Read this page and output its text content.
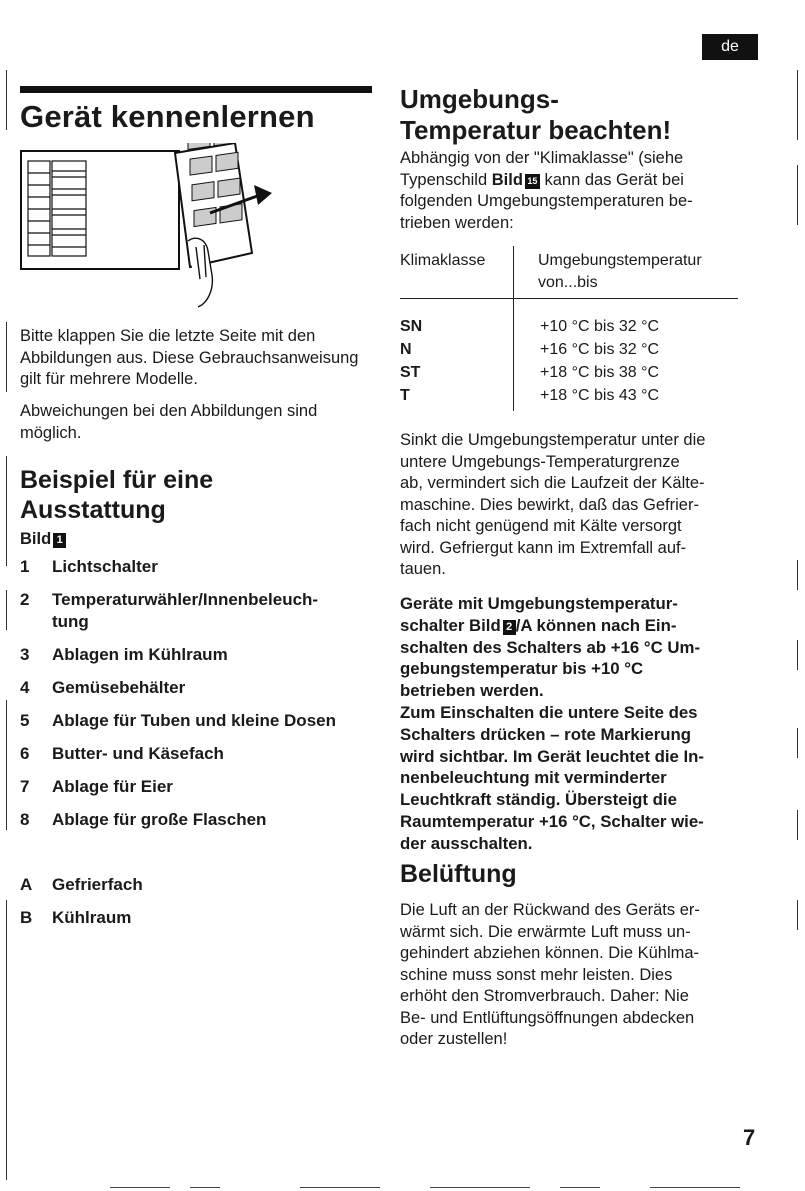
de
Gerät kennenlernen
Bitte klappen Sie die letzte Seite mit den Abbildungen aus. Diese Gebrauchsanweisung gilt für mehrere Modelle.
Abweichungen bei den Abbildungen sind möglich.
Beispiel für eine
Ausstattung
Bild 1
1	Lichtschalter
2	Temperaturwähler/Innenbeleuch-
tung
3	Ablagen im Kühlraum
4	Gemüsebehälter
5	Ablage für Tuben und kleine Dosen
6	Butter- und Käsefach
7	Ablage für Eier
8	Ablage für große Flaschen
A	Gefrierfach
B	Kühlraum
Umgebungs-
Temperatur beachten!
Abhängig von der "Klimaklasse" (siehe
Typenschild Bild 15 kann das Gerät bei
folgenden Umgebungstemperaturen be-
trieben werden:
Klimaklasse	Umgebungstemperatur
von...bis
SN	+10 °C bis 32 °C
N	+16 °C bis 32 °C
ST	+18 °C bis 38 °C
T	+18 °C bis 43 °C
Sinkt die Umgebungstemperatur unter die
untere Umgebungs-Temperaturgrenze
ab, vermindert sich die Laufzeit der Kälte-
maschine. Dies bewirkt, daß das Gefrier-
fach nicht genügend mit Kälte versorgt
wird. Gefriergut kann im Extremfall auf-
tauen.
Geräte mit Umgebungstemperatur-
schalter Bild 2 /A können nach Ein-
schalten des Schalters ab +16 °C Um-
gebungstemperatur bis +10 °C
betrieben werden.
Zum Einschalten die untere Seite des
Schalters drücken – rote Markierung
wird sichtbar. Im Gerät leuchtet die In-
nenbeleuchtung mit verminderter
Leuchtkraft ständig. Übersteigt die
Raumtemperatur +16 °C, Schalter wie-
der ausschalten.
Belüftung
Die Luft an der Rückwand des Geräts er-
wärmt sich. Die erwärmte Luft muss un-
gehindert abziehen können. Die Kühlma-
schine muss sonst mehr leisten. Dies
erhöht den Stromverbrauch. Daher: Nie
Be- und Entlüftungsöffnungen abdecken
oder zustellen!
7
